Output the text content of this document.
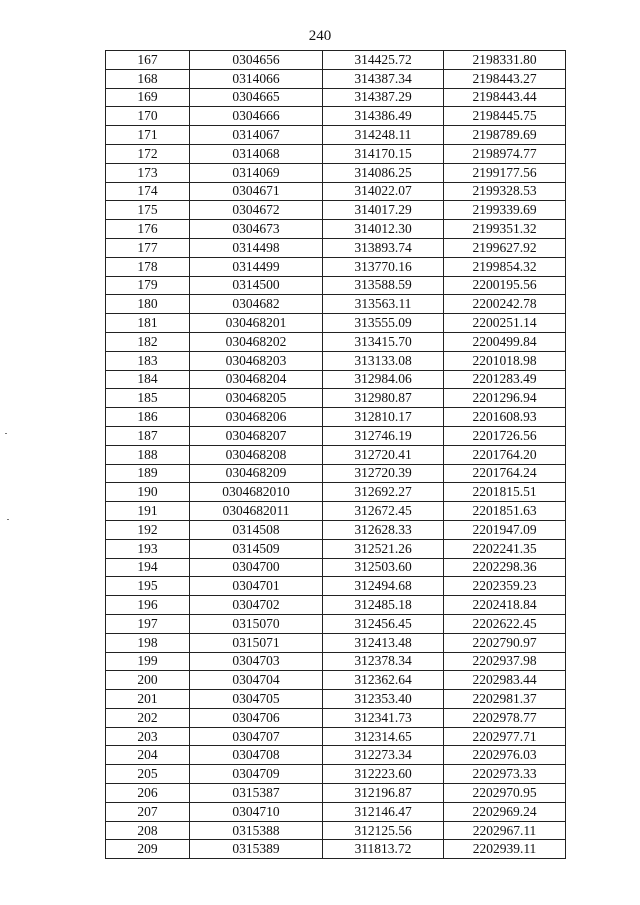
240
167	0304656	314425.72	2198331.80
168	0314066	314387.34	2198443.27
169	0304665	314387.29	2198443.44
170	0304666	314386.49	2198445.75
171	0314067	314248.11	2198789.69
172	0314068	314170.15	2198974.77
173	0314069	314086.25	2199177.56
174	0304671	314022.07	2199328.53
175	0304672	314017.29	2199339.69
176	0304673	314012.30	2199351.32
177	0314498	313893.74	2199627.92
178	0314499	313770.16	2199854.32
179	0314500	313588.59	2200195.56
180	0304682	313563.11	2200242.78
181	030468201	313555.09	2200251.14
182	030468202	313415.70	2200499.84
183	030468203	313133.08	2201018.98
184	030468204	312984.06	2201283.49
185	030468205	312980.87	2201296.94
186	030468206	312810.17	2201608.93
187	030468207	312746.19	2201726.56
188	030468208	312720.41	2201764.20
189	030468209	312720.39	2201764.24
190	0304682010	312692.27	2201815.51
191	0304682011	312672.45	2201851.63
192	0314508	312628.33	2201947.09
193	0314509	312521.26	2202241.35
194	0304700	312503.60	2202298.36
195	0304701	312494.68	2202359.23
196	0304702	312485.18	2202418.84
197	0315070	312456.45	2202622.45
198	0315071	312413.48	2202790.97
199	0304703	312378.34	2202937.98
200	0304704	312362.64	2202983.44
201	0304705	312353.40	2202981.37
202	0304706	312341.73	2202978.77
203	0304707	312314.65	2202977.71
204	0304708	312273.34	2202976.03
205	0304709	312223.60	2202973.33
206	0315387	312196.87	2202970.95
207	0304710	312146.47	2202969.24
208	0315388	312125.56	2202967.11
209	0315389	311813.72	2202939.11
